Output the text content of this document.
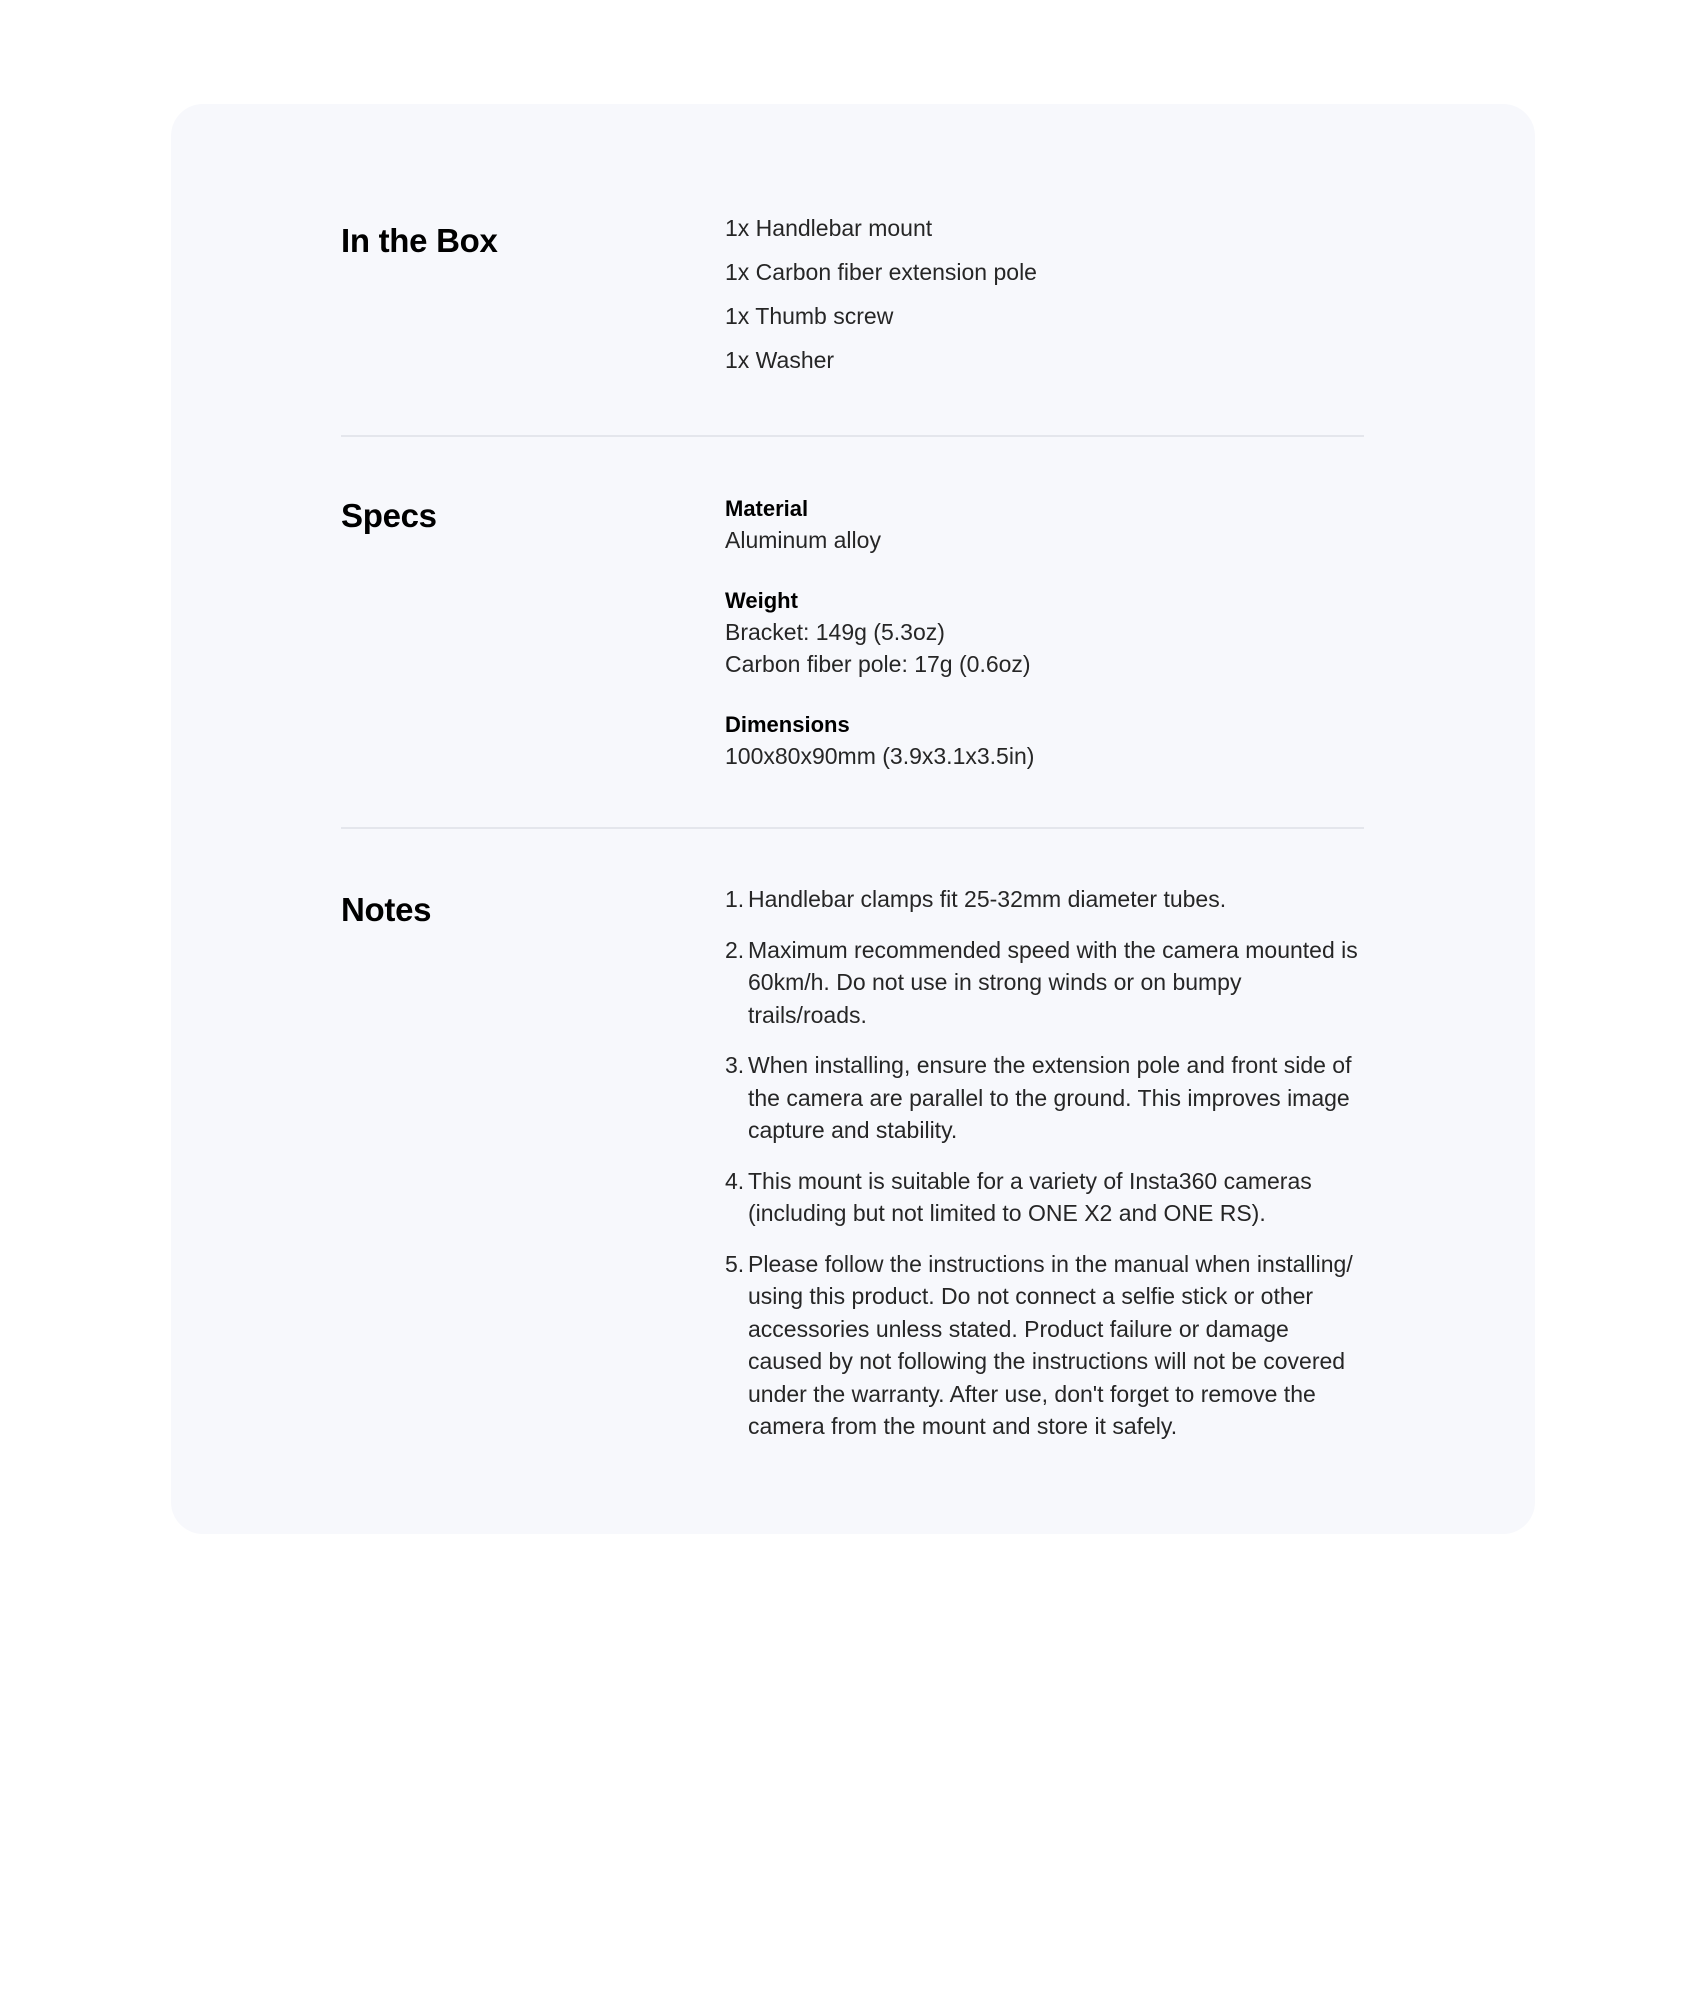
In the Box	1x Handlebar mount
1x Carbon fiber extension pole
1x Thumb screw
1x Washer
Specs	Material
Aluminum alloy
Weight
Bracket: 149g (5.3oz)
Carbon fiber pole: 17g (0.6oz)
Dimensions
100x80x90mm (3.9x3.1x3.5in)
Notes	1. Handlebar clamps fit 25-32mm diameter tubes.
2. Maximum recommended speed with the camera mounted is 60km/h. Do not use in strong winds or on bumpy trails/roads.
3. When installing, ensure the extension pole and front side of the camera are parallel to the ground. This improves image capture and stability.
4. This mount is suitable for a variety of Insta360 cameras (including but not limited to ONE X2 and ONE RS).
5. Please follow the instructions in the manual when installing/ using this product. Do not connect a selfie stick or other accessories unless stated. Product failure or damage caused by not following the instructions will not be covered under the warranty. After use, don't forget to remove the camera from the mount and store it safely.
